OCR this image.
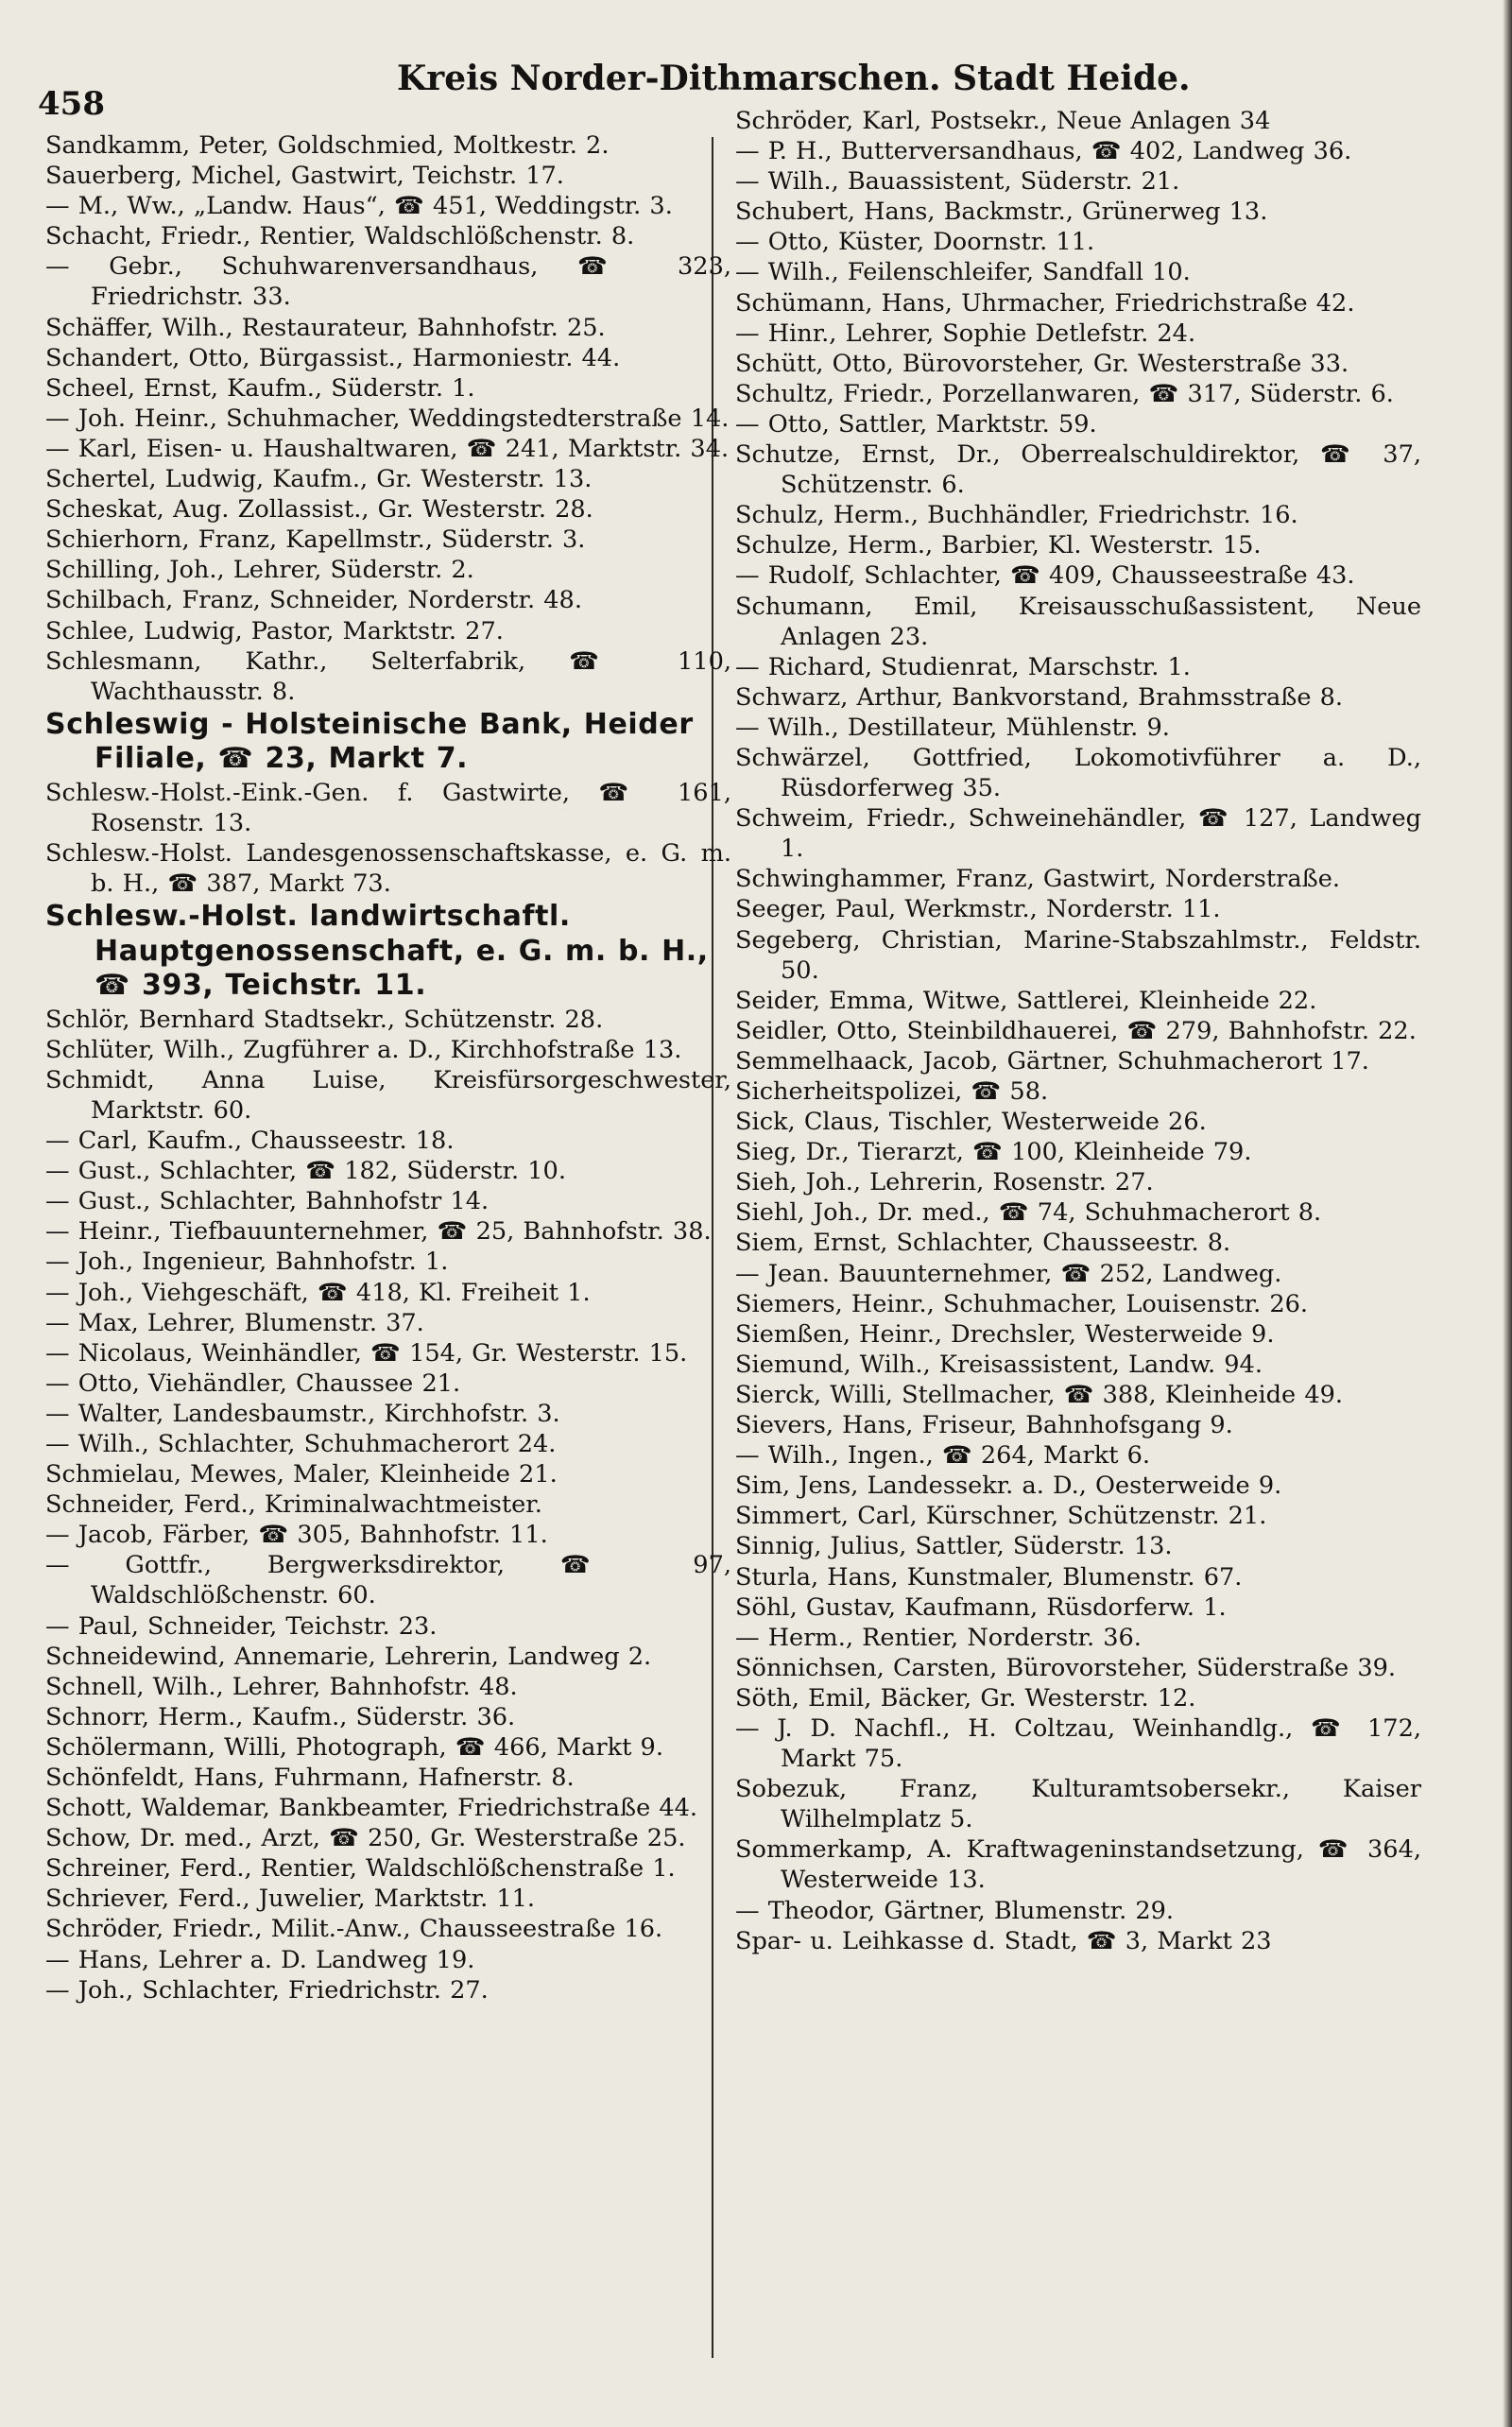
458
Kreis Norder-Dithmarschen. Stadt Heide.
Sandkamm, Peter, Goldschmied, Moltkestr. 2.
Sauerberg, Michel, Gastwirt, Teichstr. 17.
— M., Ww., „Landw. Haus“, ☎ 451, Weddingstr. 3.
Schacht, Friedr., Rentier, Waldschlößchenstr. 8.
— Gebr., Schuhwarenversandhaus, ☎ 323, Friedrichstr. 33.
Schäffer, Wilh., Restaurateur, Bahnhofstr. 25.
Schandert, Otto, Bürgassist., Harmoniestr. 44.
Scheel, Ernst, Kaufm., Süderstr. 1.
— Joh. Heinr., Schuhmacher, Weddingstedterstraße 14.
— Karl, Eisen- u. Haushaltwaren, ☎ 241, Marktstr. 34.
Schertel, Ludwig, Kaufm., Gr. Westerstr. 13.
Scheskat, Aug. Zollassist., Gr. Westerstr. 28.
Schierhorn, Franz, Kapellmstr., Süderstr. 3.
Schilling, Joh., Lehrer, Süderstr. 2.
Schilbach, Franz, Schneider, Norderstr. 48.
Schlee, Ludwig, Pastor, Marktstr. 27.
Schlesmann, Kathr., Selterfabrik, ☎ 110, Wachthausstr. 8.
Schleswig - Holsteinische Bank, Heider Filiale, ☎ 23, Markt 7.
Schlesw.-Holst.-Eink.-Gen. f. Gastwirte, ☎ 161, Rosenstr. 13.
Schlesw.-Holst. Landesgenossenschaftskasse, e. G. m. b. H., ☎ 387, Markt 73.
Schlesw.-Holst. landwirtschaftl. Hauptgenossenschaft, e. G. m. b. H., ☎ 393, Teichstr. 11.
Schlör, Bernhard Stadtsekr., Schützenstr. 28.
Schlüter, Wilh., Zugführer a. D., Kirchhofstraße 13.
Schmidt, Anna Luise, Kreisfürsorgeschwester, Marktstr. 60.
— Carl, Kaufm., Chausseestr. 18.
— Gust., Schlachter, ☎ 182, Süderstr. 10.
— Gust., Schlachter, Bahnhofstr 14.
— Heinr., Tiefbauunternehmer, ☎ 25, Bahnhofstr. 38.
— Joh., Ingenieur, Bahnhofstr. 1.
— Joh., Viehgeschäft, ☎ 418, Kl. Freiheit 1.
— Max, Lehrer, Blumenstr. 37.
— Nicolaus, Weinhändler, ☎ 154, Gr. Westerstr. 15.
— Otto, Viehändler, Chaussee 21.
— Walter, Landesbaumstr., Kirchhofstr. 3.
— Wilh., Schlachter, Schuhmacherort 24.
Schmielau, Mewes, Maler, Kleinheide 21.
Schneider, Ferd., Kriminalwachtmeister.
— Jacob, Färber, ☎ 305, Bahnhofstr. 11.
— Gottfr., Bergwerksdirektor, ☎ 97, Waldschlößchenstr. 60.
— Paul, Schneider, Teichstr. 23.
Schneidewind, Annemarie, Lehrerin, Landweg 2.
Schnell, Wilh., Lehrer, Bahnhofstr. 48.
Schnorr, Herm., Kaufm., Süderstr. 36.
Schölermann, Willi, Photograph, ☎ 466, Markt 9.
Schönfeldt, Hans, Fuhrmann, Hafnerstr. 8.
Schott, Waldemar, Bankbeamter, Friedrichstraße 44.
Schow, Dr. med., Arzt, ☎ 250, Gr. Westerstraße 25.
Schreiner, Ferd., Rentier, Waldschlößchenstraße 1.
Schriever, Ferd., Juwelier, Marktstr. 11.
Schröder, Friedr., Milit.-Anw., Chausseestraße 16.
— Hans, Lehrer a. D. Landweg 19.
— Joh., Schlachter, Friedrichstr. 27.
Schröder, Karl, Postsekr., Neue Anlagen 34
— P. H., Butterversandhaus, ☎ 402, Landweg 36.
— Wilh., Bauassistent, Süderstr. 21.
Schubert, Hans, Backmstr., Grünerweg 13.
— Otto, Küster, Doornstr. 11.
— Wilh., Feilenschleifer, Sandfall 10.
Schümann, Hans, Uhrmacher, Friedrichstraße 42.
— Hinr., Lehrer, Sophie Detlefstr. 24.
Schütt, Otto, Bürovorsteher, Gr. Westerstraße 33.
Schultz, Friedr., Porzellanwaren, ☎ 317, Süderstr. 6.
— Otto, Sattler, Marktstr. 59.
Schutze, Ernst, Dr., Oberrealschuldirektor, ☎ 37, Schützenstr. 6.
Schulz, Herm., Buchhändler, Friedrichstr. 16.
Schulze, Herm., Barbier, Kl. Westerstr. 15.
— Rudolf, Schlachter, ☎ 409, Chausseestraße 43.
Schumann, Emil, Kreisausschußassistent, Neue Anlagen 23.
— Richard, Studienrat, Marschstr. 1.
Schwarz, Arthur, Bankvorstand, Brahmsstraße 8.
— Wilh., Destillateur, Mühlenstr. 9.
Schwärzel, Gottfried, Lokomotivführer a. D., Rüsdorferweg 35.
Schweim, Friedr., Schweinehändler, ☎ 127, Landweg 1.
Schwinghammer, Franz, Gastwirt, Norderstraße.
Seeger, Paul, Werkmstr., Norderstr. 11.
Segeberg, Christian, Marine-Stabszahlmstr., Feldstr. 50.
Seider, Emma, Witwe, Sattlerei, Kleinheide 22.
Seidler, Otto, Steinbildhauerei, ☎ 279, Bahnhofstr. 22.
Semmelhaack, Jacob, Gärtner, Schuhmacherort 17.
Sicherheitspolizei, ☎ 58.
Sick, Claus, Tischler, Westerweide 26.
Sieg, Dr., Tierarzt, ☎ 100, Kleinheide 79.
Sieh, Joh., Lehrerin, Rosenstr. 27.
Siehl, Joh., Dr. med., ☎ 74, Schuhmacherort 8.
Siem, Ernst, Schlachter, Chausseestr. 8.
— Jean. Bauunternehmer, ☎ 252, Landweg.
Siemers, Heinr., Schuhmacher, Louisenstr. 26.
Siemßen, Heinr., Drechsler, Westerweide 9.
Siemund, Wilh., Kreisassistent, Landw. 94.
Sierck, Willi, Stellmacher, ☎ 388, Kleinheide 49.
Sievers, Hans, Friseur, Bahnhofsgang 9.
— Wilh., Ingen., ☎ 264, Markt 6.
Sim, Jens, Landessekr. a. D., Oesterweide 9.
Simmert, Carl, Kürschner, Schützenstr. 21.
Sinnig, Julius, Sattler, Süderstr. 13.
Sturla, Hans, Kunstmaler, Blumenstr. 67.
Söhl, Gustav, Kaufmann, Rüsdorferw. 1.
— Herm., Rentier, Norderstr. 36.
Sönnichsen, Carsten, Bürovorsteher, Süderstraße 39.
Söth, Emil, Bäcker, Gr. Westerstr. 12.
— J. D. Nachfl., H. Coltzau, Weinhandlg., ☎ 172, Markt 75.
Sobezuk, Franz, Kulturamtsobersekr., Kaiser Wilhelmplatz 5.
Sommerkamp, A. Kraftwageninstandsetzung, ☎ 364, Westerweide 13.
— Theodor, Gärtner, Blumenstr. 29.
Spar- u. Leihkasse d. Stadt, ☎ 3, Markt 23
